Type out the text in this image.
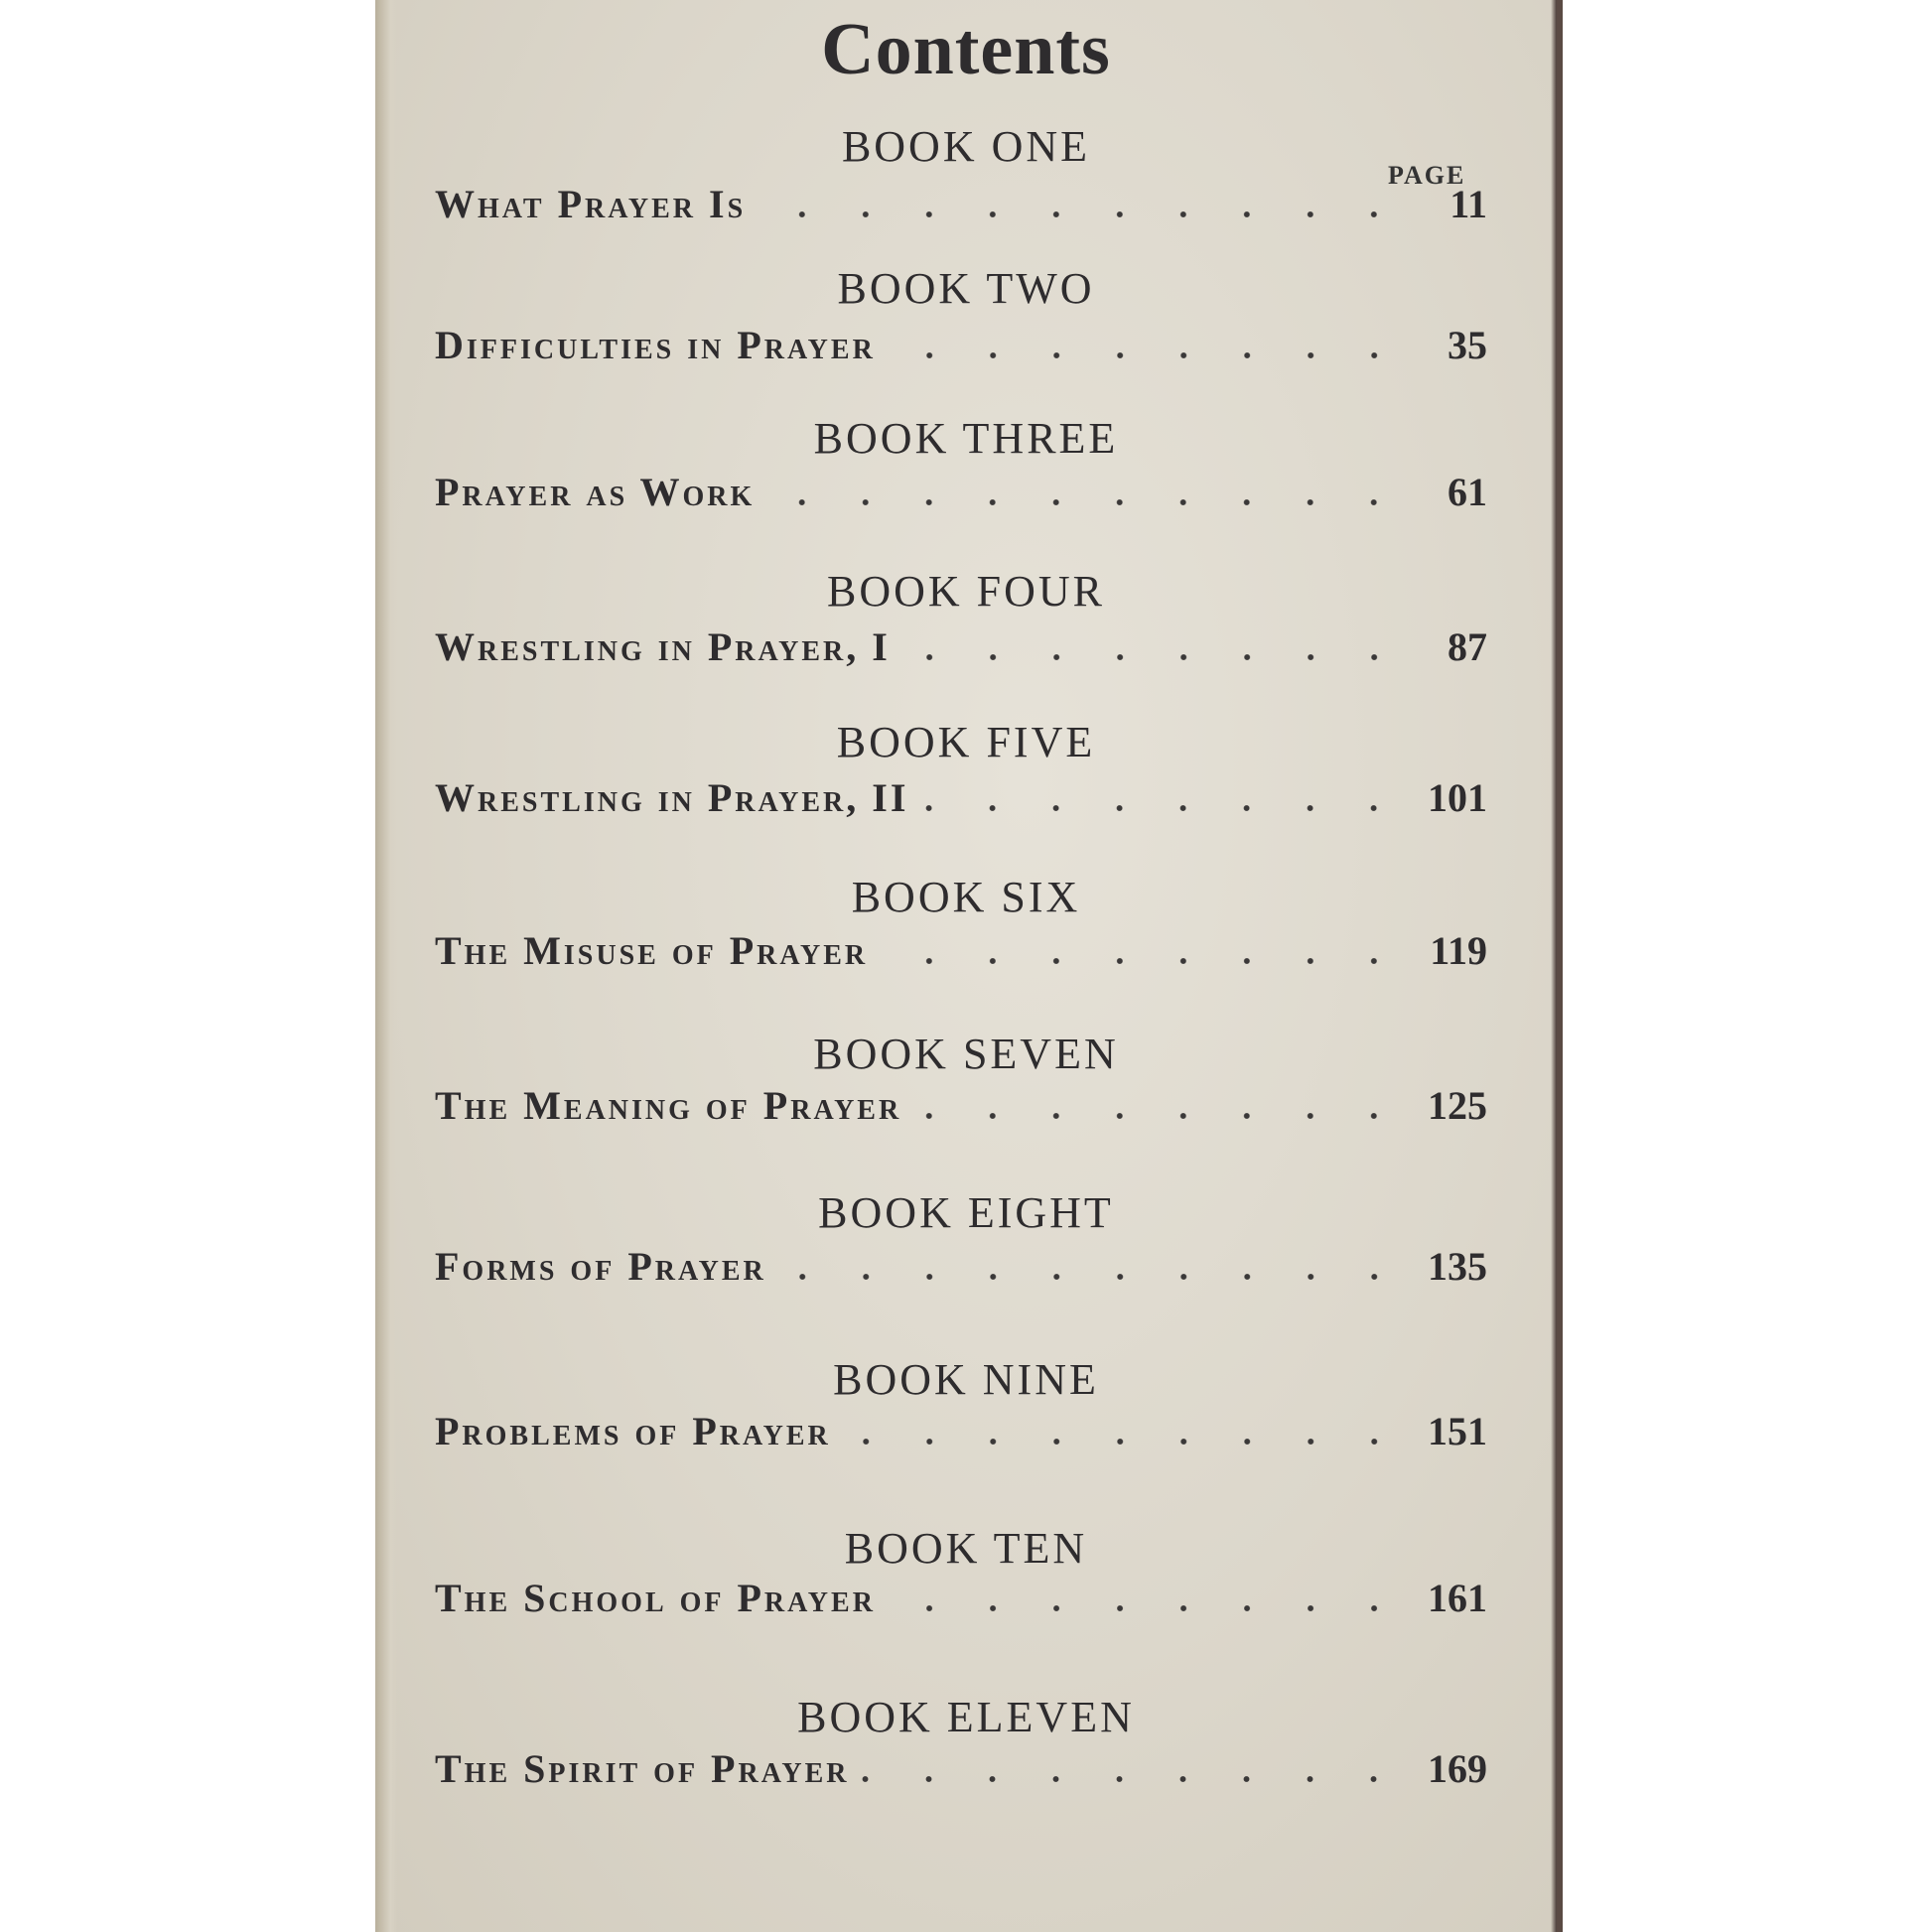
Contents
PAGE
BOOK ONE
What Prayer Is	11
BOOK TWO
Difficulties in Prayer	35
BOOK THREE
Prayer as Work	61
BOOK FOUR
Wrestling in Prayer, I	87
BOOK FIVE
Wrestling in Prayer, II	101
BOOK SIX
The Misuse of Prayer	119
BOOK SEVEN
The Meaning of Prayer	125
BOOK EIGHT
Forms of Prayer	135
BOOK NINE
Problems of Prayer	151
BOOK TEN
The School of Prayer	161
BOOK ELEVEN
The Spirit of Prayer	169
